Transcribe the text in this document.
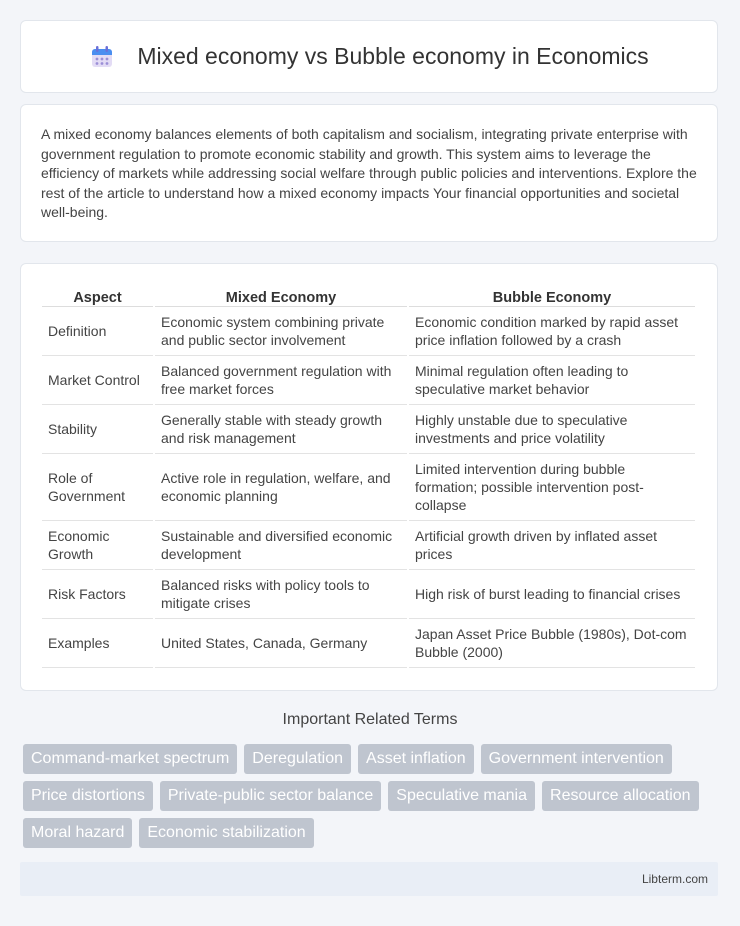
Mixed economy vs Bubble economy in Economics

A mixed economy balances elements of both capitalism and socialism, integrating private enterprise with government regulation to promote economic stability and growth. This system aims to leverage the efficiency of markets while addressing social welfare through public policies and interventions. Explore the rest of the article to understand how a mixed economy impacts Your financial opportunities and societal well-being.

Aspect	Mixed Economy	Bubble Economy
Definition	Economic system combining private and public sector involvement	Economic condition marked by rapid asset price inflation followed by a crash
Market Control	Balanced government regulation with free market forces	Minimal regulation often leading to speculative market behavior
Stability	Generally stable with steady growth and risk management	Highly unstable due to speculative investments and price volatility
Role of Government	Active role in regulation, welfare, and economic planning	Limited intervention during bubble formation; possible intervention post-collapse
Economic Growth	Sustainable and diversified economic development	Artificial growth driven by inflated asset prices
Risk Factors	Balanced risks with policy tools to mitigate crises	High risk of burst leading to financial crises
Examples	United States, Canada, Germany	Japan Asset Price Bubble (1980s), Dot-com Bubble (2000)
Important Related Terms
Command-market spectrum	Deregulation	Asset inflation	Government intervention
Price distortions	Private-public sector balance	Speculative mania	Resource allocation
Moral hazard	Economic stabilization
Libterm.com
